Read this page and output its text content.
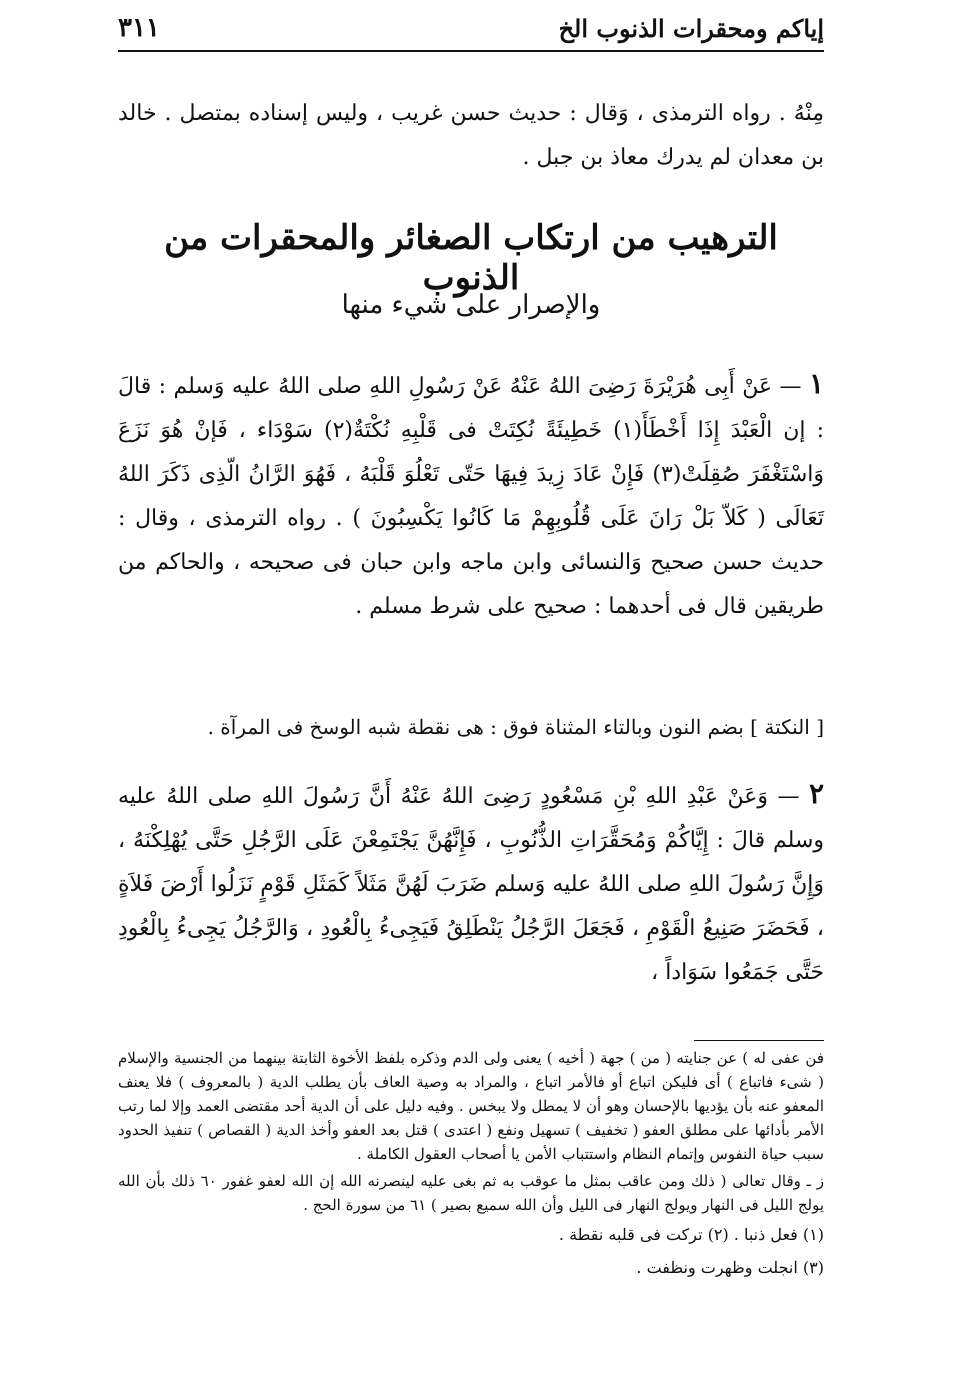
إياكم ومحقرات الذنوب الخ
٣١١
مِنْهُ . رواه الترمذى ، وَقال : حديث حسن غريب ، وليس إسناده بمتصل . خالد بن معدان لم يدرك معاذ بن جبل .
الترهيب من ارتكاب الصغائر والمحقرات من الذنوب
والإصرار على شيء منها
١ — عَنْ أَبِى هُرَيْرَةَ رَضِىَ اللهُ عَنْهُ عَنْ رَسُولِ اللهِ صلى اللهُ عليه وَسلم : قالَ : إن الْعَبْدَ إِذَا أَخْطَأَ(١) خَطِيئَةً نُكِتَتْ فى قَلْبِهِ نُكْتَةٌ(٢) سَوْدَاء ، فَإنْ هُوَ نَزَعَ وَاسْتَغْفَرَ صُقِلَتْ(٣) فَإِنْ عَادَ زِيدَ فِيهَا حَتّى تَعْلُوَ قَلْبَهُ ، فَهُوَ الرَّانُ الّذِى ذَكَرَ اللهُ تَعَالَى ( كَلاّ بَلْ رَانَ عَلَى قُلُوبِهِمْ مَا كَانُوا يَكْسِبُونَ ) . رواه الترمذى ، وقال : حديث حسن صحيح وَالنسائى وابن ماجه وابن حبان فى صحيحه ، والحاكم من طريقين قال فى أحدهما : صحيح على شرط مسلم .
[ النكتة ] بضم النون وبالتاء المثناة فوق : هى نقطة شبه الوسخ فى المرآة .
٢ — وَعَنْ عَبْدِ اللهِ بْنِ مَسْعُودٍ رَضِىَ اللهُ عَنْهُ أَنَّ رَسُولَ اللهِ صلى اللهُ عليه وسلم قالَ : إِيَّاكُمْ وَمُحَقَّرَاتِ الذُّنُوبِ ، فَإِنَّهُنَّ يَجْتَمِعْنَ عَلَى الرَّجُلِ حَتَّى يُهْلِكْنَهُ ، وَإِنَّ رَسُولَ اللهِ صلى اللهُ عليه وَسلم ضَرَبَ لَهُنَّ مَثَلاً كَمَثَلِ قَوْمٍ نَزَلُوا أَرْضَ فَلاَةٍ ، فَحَضَرَ صَنِيعُ الْقَوْمِ ، فَجَعَلَ الرَّجُلُ يَنْطَلِقُ فَيَجِىءُ بِالْعُودِ ، وَالرَّجُلُ يَجِىءُ بِالْعُودِ حَتَّى جَمَعُوا سَوَاداً ،

فن عفى له ) عن جنايته ( من ) جهة ( أخيه ) يعنى ولى الدم وذكره بلفظ الأخوة الثابتة بينهما من الجنسية والإسلام ( شىء فاتباع ) أى فليكن اتباع أو فالأمر اتباع ، والمراد به وصية العاف بأن يطلب الدية ( بالمعروف ) فلا يعنف المعفو عنه بأن يؤديها بالإحسان وهو أن لا يمطل ولا يبخس . وفيه دليل على أن الدية أحد مقتضى العمد وإلا لما رتب الأمر بأدائها على مطلق العفو ( تخفيف ) تسهيل ونفع ( اعتدى ) قتل بعد العفو وأخذ الدية ( القصاص ) تنفيذ الحدود سبب حياة النفوس وإتمام النظام واستتباب الأمن يا أصحاب العقول الكاملة .

ز ـ وقال تعالى ( ذلك ومن عاقب بمثل ما عوقب به ثم بغى عليه لينصرنه الله إن الله لعفو غفور ٦٠ ذلك بأن الله يولج الليل فى النهار ويولج النهار فى الليل وأن الله سميع بصير ) ٦١ من سورة الحج .

(١) فعل ذنبا . (٢) تركت فى قلبه نقطة .

(٣) انجلت وظهرت ونظفت .
